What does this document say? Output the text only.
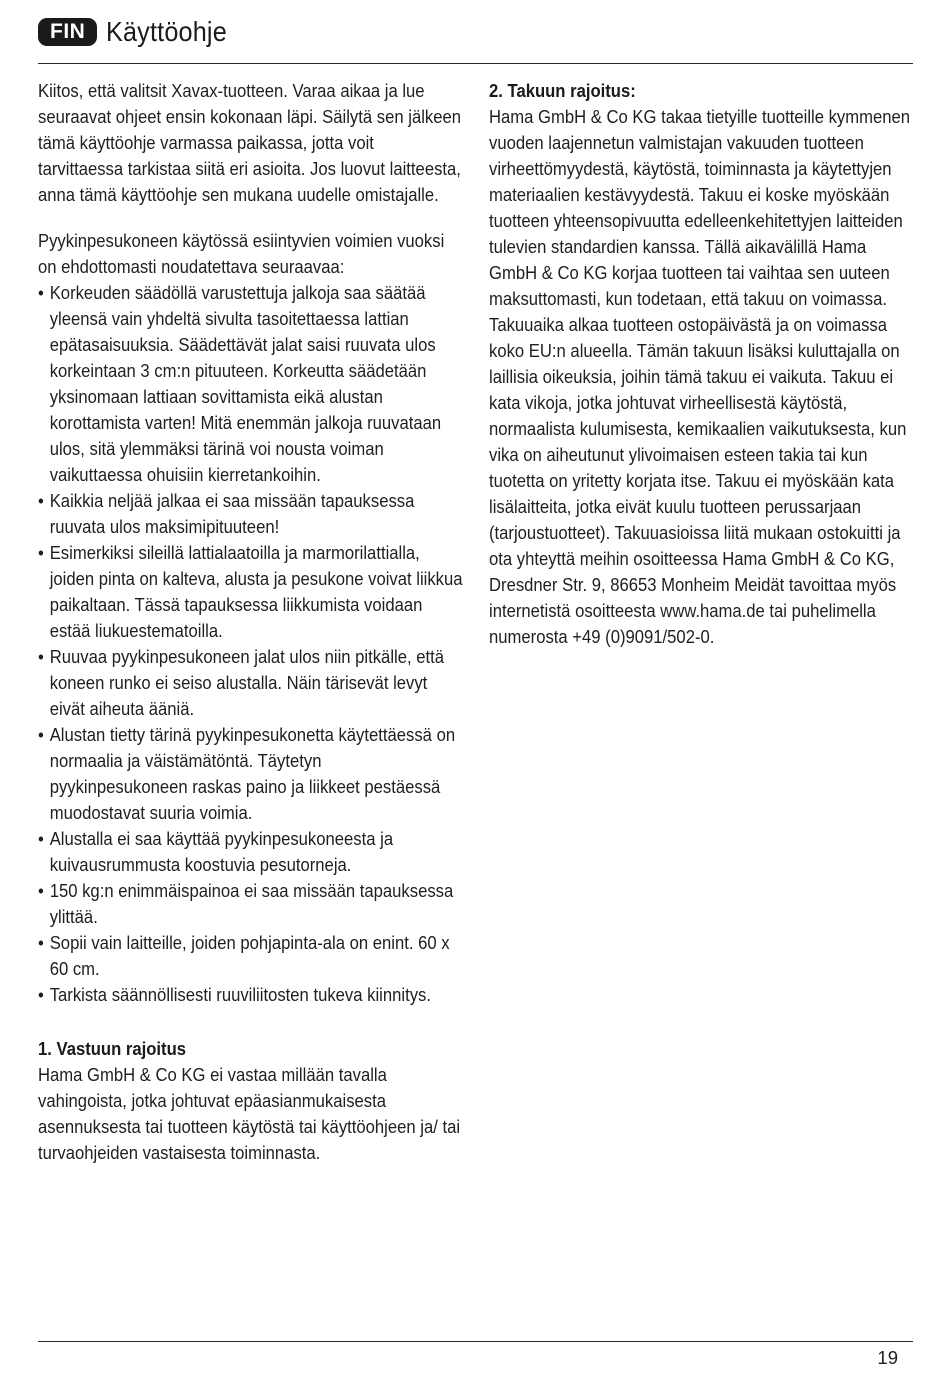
FIN Käyttöohje

Kiitos, että valitsit Xavax-tuotteen. Varaa aikaa ja lue seuraavat ohjeet ensin kokonaan läpi. Säilytä sen jälkeen tämä käyttöohje varmassa paikassa, jotta voit tarvittaessa tarkistaa siitä eri asioita. Jos luovut laitteesta, anna tämä käyttöohje sen mukana uudelle omistajalle.

Pyykinpesukoneen käytössä esiintyvien voimien vuoksi on ehdottomasti noudatettava seuraavaa:

• Korkeuden säädöllä varustettuja jalkoja saa säätää yleensä vain yhdeltä sivulta tasoitettaessa lattian epätasaisuuksia. Säädettävät jalat saisi ruuvata ulos korkeintaan 3 cm:n pituuteen. Korkeutta säädetään yksinomaan lattiaan sovittamista eikä alustan korottamista varten! Mitä enemmän jalkoja ruuvataan ulos, sitä ylemmäksi tärinä voi nousta voiman vaikuttaessa ohuisiin kierretankoihin.
• Kaikkia neljää jalkaa ei saa missään tapauksessa ruuvata ulos maksimipituuteen!
• Esimerkiksi sileillä lattialaatoilla ja marmorilattialla, joiden pinta on kalteva, alusta ja pesukone voivat liikkua paikaltaan. Tässä tapauksessa liikkumista voidaan estää liukuestematoilla.
• Ruuvaa pyykinpesukoneen jalat ulos niin pitkälle, että koneen runko ei seiso alustalla. Näin tärisevät levyt eivät aiheuta ääniä.
• Alustan tietty tärinä pyykinpesukonetta käytettäessä on normaalia ja väistämätöntä. Täytetyn pyykinpesukoneen raskas paino ja liikkeet pestäessä muodostavat suuria voimia.
• Alustalla ei saa käyttää pyykinpesukoneesta ja kuivausrummusta koostuvia pesutorneja.
• 150 kg:n enimmäispainoa ei saa missään tapauksessa ylittää.
• Sopii vain laitteille, joiden pohjapinta-ala on enint. 60 x 60 cm.
• Tarkista säännöllisesti ruuviliitosten tukeva kiinnitys.
1. Vastuun rajoitus

Hama GmbH & Co KG ei vastaa millään tavalla vahingoista, jotka johtuvat epäasianmukaisesta asennuksesta tai tuotteen käytöstä tai käyttöohjeen ja/ tai turvaohjeiden vastaisesta toiminnasta.

2. Takuun rajoitus:

Hama GmbH & Co KG takaa tietyille tuotteille kymmenen vuoden laajennetun valmistajan vakuuden tuotteen virheettömyydestä, käytöstä, toiminnasta ja käytettyjen materiaalien kestävyydestä. Takuu ei koske myöskään tuotteen yhteensopivuutta edelleenkehitettyjen laitteiden tulevien standardien kanssa. Tällä aikavälillä Hama GmbH & Co KG korjaa tuotteen tai vaihtaa sen uuteen maksuttomasti, kun todetaan, että takuu on voimassa. Takuuaika alkaa tuotteen ostopäivästä ja on voimassa koko EU:n alueella. Tämän takuun lisäksi kuluttajalla on laillisia oikeuksia, joihin tämä takuu ei vaikuta. Takuu ei kata vikoja, jotka johtuvat virheellisestä käytöstä, normaalista kulumisesta, kemikaalien vaikutuksesta, kun vika on aiheutunut ylivoimaisen esteen takia tai kun tuotetta on yritetty korjata itse. Takuu ei myöskään kata lisälaitteita, jotka eivät kuulu tuotteen perussarjaan (tarjoustuotteet). Takuuasioissa liitä mukaan ostokuitti ja ota yhteyttä meihin osoitteessa Hama GmbH & Co KG, Dresdner Str. 9, 86653 Monheim Meidät tavoittaa myös internetistä osoitteesta www.hama.de tai puhelimella numerosta +49 (0)9091/502-0.

19
